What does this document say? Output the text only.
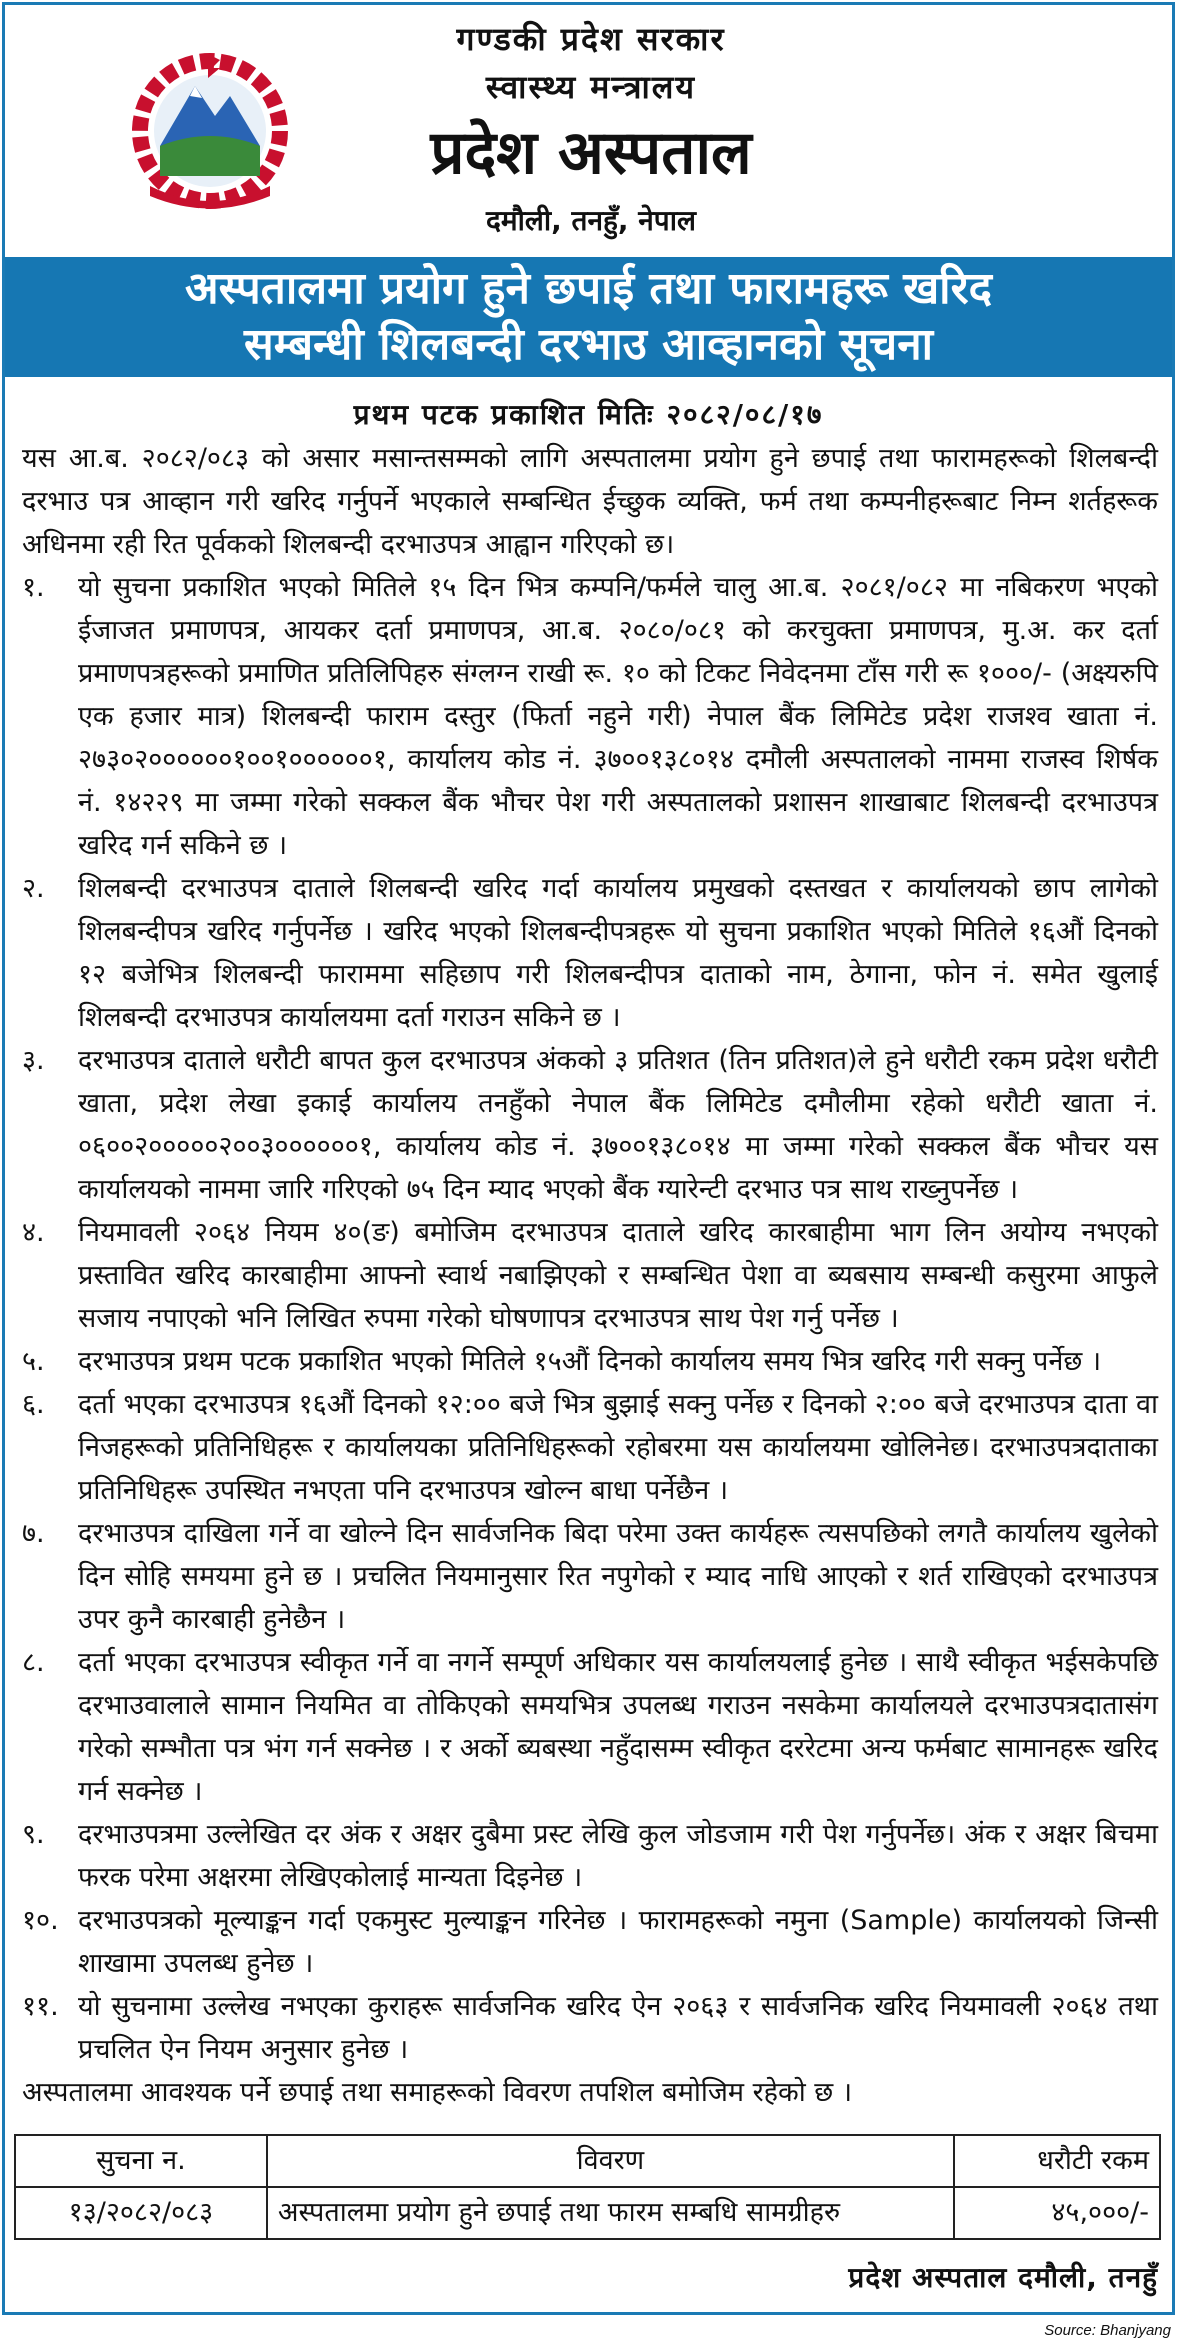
गण्डकी प्रदेश सरकार
स्वास्थ्य मन्त्रालय
प्रदेश अस्पताल
दमौली, तनहुँ, नेपाल
अस्पतालमा प्रयोग हुने छपाई तथा फारामहरू खरिद
सम्बन्धी शिलबन्दी दरभाउ आव्हानको सूचना
प्रथम पटक प्रकाशित मितिः २०८२/०८/१७

यस आ.ब. २०८२/०८३ को असार मसान्तसम्मको लागि अस्पतालमा प्रयोग हुने छपाई तथा फारामहरूको शिलबन्दी दरभाउ पत्र आव्हान गरी खरिद गर्नुपर्ने भएकाले सम्बन्धित ईच्छुक व्यक्ति, फर्म तथा कम्पनीहरूबाट निम्न शर्तहरूक अधिनमा रही रित पूर्वकको शिलबन्दी दरभाउपत्र आह्वान गरिएको छ।

१.	यो सुचना प्रकाशित भएको मितिले १५ दिन भित्र कम्पनि/फर्मले चालु आ.ब. २०८१/०८२ मा नबिकरण भएको ईजाजत प्रमाणपत्र, आयकर दर्ता प्रमाणपत्र, आ.ब. २०८०/०८१ को करचुक्ता प्रमाणपत्र, मु.अ. कर दर्ता प्रमाणपत्रहरूको प्रमाणित प्रतिलिपिहरु संग्लग्न राखी रू. १० को टिकट निवेदनमा टाँस गरी रू १०००/- (अक्ष्यरुपि एक हजार मात्र) शिलबन्दी फाराम दस्तुर (फिर्ता नहुने गरी) नेपाल बैंक लिमिटेड प्रदेश राजश्व खाता नं. २७३०२००००००१००१००००००१, कार्यालय कोड नं. ३७००१३८०१४ दमौली अस्पतालको नाममा राजस्व शिर्षक नं. १४२२९ मा जम्मा गरेको सक्कल बैंक भौचर पेश गरी अस्पतालको प्रशासन शाखाबाट शिलबन्दी दरभाउपत्र खरिद गर्न सकिने छ ।
२.	शिलबन्दी दरभाउपत्र दाताले शिलबन्दी खरिद गर्दा कार्यालय प्रमुखको दस्तखत र कार्यालयको छाप लागेको शिलबन्दीपत्र खरिद गर्नुपर्नेछ । खरिद भएको शिलबन्दीपत्रहरू यो सुचना प्रकाशित भएको मितिले १६औं दिनको १२ बजेभित्र शिलबन्दी फाराममा सहिछाप गरी शिलबन्दीपत्र दाताको नाम, ठेगाना, फोन नं. समेत खुलाई शिलबन्दी दरभाउपत्र कार्यालयमा दर्ता गराउन सकिने छ ।
३.	दरभाउपत्र दाताले धरौटी बापत कुल दरभाउपत्र अंकको ३ प्रतिशत (तिन प्रतिशत)ले हुने धरौटी रकम प्रदेश धरौटी खाता, प्रदेश लेखा इकाई कार्यालय तनहुँको नेपाल बैंक लिमिटेड दमौलीमा रहेको धरौटी खाता नं. ०६००२०००००२००३००००००१, कार्यालय कोड नं. ३७००१३८०१४ मा जम्मा गरेको सक्कल बैंक भौचर यस कार्यालयको नाममा जारि गरिएको ७५ दिन म्याद भएको बैंक ग्यारेन्टी दरभाउ पत्र साथ राख्नुपर्नेछ ।
४.	नियमावली २०६४ नियम ४०(ङ) बमोजिम दरभाउपत्र दाताले खरिद कारबाहीमा भाग लिन अयोग्य नभएको प्रस्तावित खरिद कारबाहीमा आफ्नो स्वार्थ नबाझिएको र सम्बन्धित पेशा वा ब्यबसाय सम्बन्धी कसुरमा आफुले सजाय नपाएको भनि लिखित रुपमा गरेको घोषणापत्र दरभाउपत्र साथ पेश गर्नु पर्नेछ ।
५.	दरभाउपत्र प्रथम पटक प्रकाशित भएको मितिले १५औं दिनको कार्यालय समय भित्र खरिद गरी सक्नु पर्नेछ ।
६.	दर्ता भएका दरभाउपत्र १६औं दिनको १२:०० बजे भित्र बुझाई सक्नु पर्नेछ र दिनको २:०० बजे दरभाउपत्र दाता वा निजहरूको प्रतिनिधिहरू र कार्यालयका प्रतिनिधिहरूको रहोबरमा यस कार्यालयमा खोलिनेछ। दरभाउपत्रदाताका प्रतिनिधिहरू उपस्थित नभएता पनि दरभाउपत्र खोल्न बाधा पर्नेछैन ।
७.	दरभाउपत्र दाखिला गर्ने वा खोल्ने दिन सार्वजनिक बिदा परेमा उक्त कार्यहरू त्यसपछिको लगतै कार्यालय खुलेको दिन सोहि समयमा हुने छ । प्रचलित नियमानुसार रित नपुगेको र म्याद नाधि आएको र शर्त राखिएको दरभाउपत्र उपर कुनै कारबाही हुनेछैन ।
८.	दर्ता भएका दरभाउपत्र स्वीकृत गर्ने वा नगर्ने सम्पूर्ण अधिकार यस कार्यालयलाई हुनेछ । साथै स्वीकृत भईसकेपछि दरभाउवालाले सामान नियमित वा तोकिएको समयभित्र उपलब्ध गराउन नसकेमा कार्यालयले दरभाउपत्रदातासंग गरेको सम्भौता पत्र भंग गर्न सक्नेछ । र अर्को ब्यबस्था नहुँदासम्म स्वीकृत दररेटमा अन्य फर्मबाट सामानहरू खरिद गर्न सक्नेछ ।
९.	दरभाउपत्रमा उल्लेखित दर अंक र अक्षर दुबैमा प्रस्ट लेखि कुल जोडजाम गरी पेश गर्नुपर्नेछ। अंक र अक्षर बिचमा फरक परेमा अक्षरमा लेखिएकोलाई मान्यता दिइनेछ ।
१०. दरभाउपत्रको मूल्याङ्कन गर्दा एकमुस्ट मुल्याङ्कन गरिनेछ । फारामहरूको नमुना (Sample) कार्यालयको जिन्सी शाखामा उपलब्ध हुनेछ ।
११. यो सुचनामा उल्लेख नभएका कुराहरू सार्वजनिक खरिद ऐन २०६३ र सार्वजनिक खरिद नियमावली २०६४ तथा प्रचलित ऐन नियम अनुसार हुनेछ ।

अस्पतालमा आवश्यक पर्ने छपाई तथा समाहरूको विवरण तपशिल बमोजिम रहेको छ ।

सुचना न.	विवरण	धरौटी रकम
१३/२०८२/०८३	अस्पतालमा प्रयोग हुने छपाई तथा फारम सम्बधि सामग्रीहरु	४५,०००/-
प्रदेश अस्पताल दमौली, तनहुँ
Source: Bhanjyang
